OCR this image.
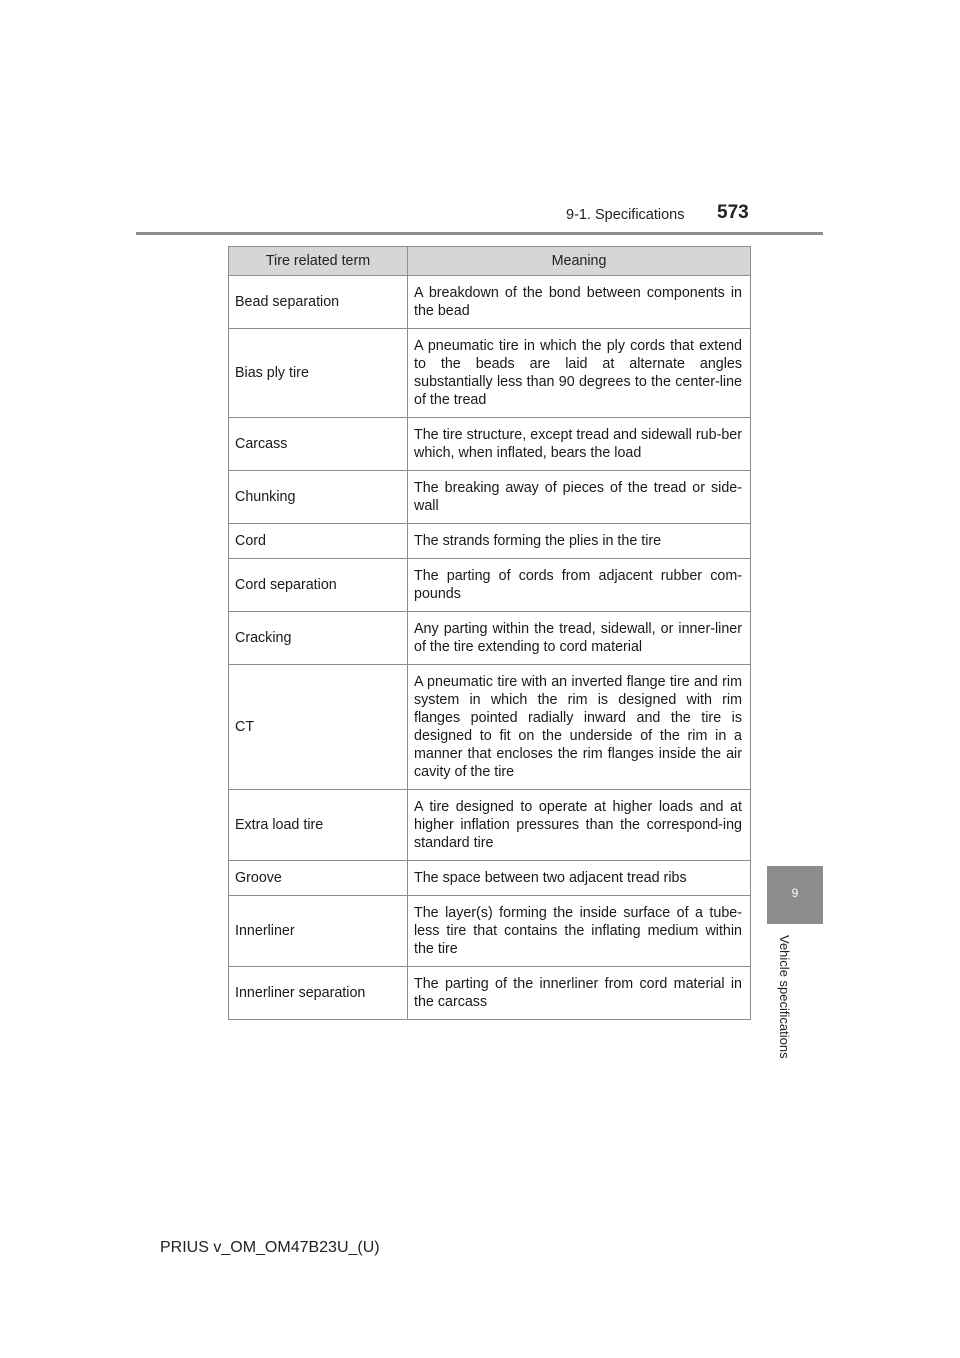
9-1. Specifications 573
9
Vehicle specifications
Tire related term	Meaning
Bead separation	A breakdown of the bond between components in the bead
Bias ply tire	A pneumatic tire in which the ply cords that extend to the beads are laid at alternate angles substantially less than 90 degrees to the center-line of the tread
Carcass	The tire structure, except tread and sidewall rub-ber which, when inflated, bears the load
Chunking	The breaking away of pieces of the tread or side-wall
Cord	The strands forming the plies in the tire
Cord separation	The parting of cords from adjacent rubber com-pounds
Cracking	Any parting within the tread, sidewall, or inner-liner of the tire extending to cord material
CT	A pneumatic tire with an inverted flange tire and rim system in which the rim is designed with rim flanges pointed radially inward and the tire is designed to fit on the underside of the rim in a manner that encloses the rim flanges inside the air cavity of the tire
Extra load tire	A tire designed to operate at higher loads and at higher inflation pressures than the correspond-ing standard tire
Groove	The space between two adjacent tread ribs
Innerliner	The layer(s) forming the inside surface of a tube-less tire that contains the inflating medium within the tire
Innerliner separation	The parting of the innerliner from cord material in the carcass
PRIUS v_OM_OM47B23U_(U)
